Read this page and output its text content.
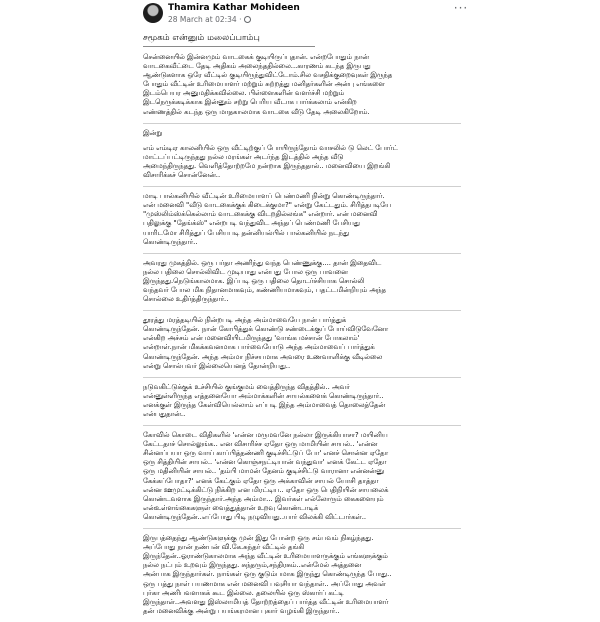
Thamira Kathar Mohideen
28 March at 02:34 ·
···
சமூகம் என்னும் மலைப்பாம்பு

சென்னையில் இன்னமும் வாடகைக் குடியிருப்புதான். என்றபோதும் நான்
வாடகைவீட்டை தேடி அதிகம் அலைந்ததில்லை...காரணம் கடந்த இருபது
ஆண்டுகளாக ஒரே வீட்டில் குடியிருந்துவிட்டோம்.சில வசதிக்குறைவுகள் இருந்த
போதும் வீட்டின் உரிமையாளர் மற்றும் சுற்றத்து மனிதர்களின் அன்பு எங்களை
இடம்பெயர அனுமதிக்கவில்லை. பிள்ளைகளின் வளர்ச்சி மற்றும்
இடநெருக்கடிக்காக இன்னும் சற்று பெரிய வீடாக பார்க்கலாம் என்கிற
எண்ணத்தில் கடந்த ஒரு மாதகாலமாக வாடகை வீடு தேடி அலைகிறோம்.

இன்று

எம் எம்டிஏ காலனியில் ஒரு வீட்டிற்குப் போயிருந்தோம் வாசலில் டு லெட் போர்ட்
மாட்டப்பட்டிருந்தது நல்ல மரங்கள் அடர்ந்த இடத்தில் அந்த வீடு
அமைந்திருந்தது. வெளித்தோற்றமே நன்றாக இருந்ததால்.. மனைவியை இறங்கி
விசாரிக்கச் சொன்னேன்..

மாடி பால்கனியில் வீட்டின் உரிமையாளப் பெண்மணி நின்று கொண்டிருந்தார்.
என் மனைவி "வீடு வாடகைக்குக் கிடைக்குமா?" என்று கேட்டதும். சிரித்தபடியே
"முஸ்லிம்ஸ்க்கெல்லாம் வாடகைக்கு விடறதில்லங்க" என்றார். என் மனைவி
பதிலுக்கு "தேங்க்ஸ்" என்றபடி வந்துவிட அந்தப் பெண்மணி பேசியது
யாரிடமோ சிரித்துப் பேசியபடி தன்னியல்பில் பால்கனியில் நடந்து
கொண்டிருந்தார்..

அவரது முகத்தில். ஒரு பர்தா அணிந்து வந்த பெண்ணுக்கு.... தான் இதைவிட
நல்ல பதிலை சொல்லிவிட முடியாது என்பது போல ஒரு பாவனை
இருந்தது.நெடுங்காலமாக. இப்படி ஒரு பதிலை தொடர்ச்சியாக சொல்லி
வந்தவர் போல மிக நிதானமாகவும், கண்ணியமாகவும், பதட்டமின்றியும் அந்த
சொல்லை உதிர்த்திருந்தார்..

தூரத்து மரத்தடியில் நின்றபடி அந்த அம்மாவையே நான் பார்த்துக்
கொண்டிருந்தேன். நான் கோபித்துக் கொண்டு சண்டைக்குப் போய்விடுவேனோ
என்கிற அச்சம் என் மனைவியிடமிருந்தது 'வாங்க மச்சான் போகலாம்'
என்றாள்.நான் மிகக்கவனமாக பார்வையோடு அந்த அம்மாவைப் பார்த்துக்
கொண்டிருந்தேன். அந்த அம்மா நிச்சயமாக அவரை உணவாளிக்கு வீடில்லை
என்று சொல்பவர் இல்லையெனத் தோன்றியது..

நடுவகிட்டுக்குக் உச்சியில் குங்குமம் வைத்திருந்த விதத்தில்.. அவர்
என்னுள்ளிருந்த எத்தனையோ அம்மாக்களின் சாயல்களைக் கொண்டிருந்தார்..
எனக்குள் இருந்த கேள்வியெல்லாம் எப்படி இந்த அம்மாவைத் தொலைத்தேன்
என்பதுதான்..

கோவில் கொடை விதிகளில் 'என்ன மருமவனே நல்லா இருக்கியாசா? மயினிய
கேட்டதாச் சொல்லுங்க.. என விசாரிச்ச ஏதோ ஒரு மாமியின் சாயல்.. 'என்ன
சின்னப்பயா ஒரு வாய் காப்பித்தண்ணி குடிச்சிட்டுப் போ' எனச் சொன்ன ஏதோ
ஒரு சித்தியின் சாயல்.. 'என்ன கொஞ்சநட்டியான் வந்துவா' எனக் கேட்ட ஏதோ
ஒரு மதினியின் சாயல்.. 'தம்பி மாமன் தேனம் குடிச்சிட்டு வாரானா என்னன்னு
கேக்கப்போதா?' எனக் கேட்கும் ஏதோ ஒரு அக்காவின் சாயல் யோசி தாத்தா
என்ன ஊமுட்டிக்கிட்டு நிக்கிற என மிரட்டிய.. ஏதோ ஒரு பெதிநியின் சாயலைக்
கொண்டவளாக இருந்தார்.அந்த அம்மா... இவர்கள் எல்லோரும் கைகளையும்
என்உள்ளங்கைகளுள் வைத்துத்தான் உறவு கொண்டாடிக்
கொண்டிருந்தேன்..எப்போது பிடி நழுவியது..யார் விலக்கி விட்டார்கள்..

இருபத்தைந்து ஆண்டுகளுக்கு முன் இது போன்ற ஒரு சம்பவம் நிகழ்ந்தது.
அப்போது நான் நண்பன் வி.கே.சுந்தர் வீட்டில் தங்கி
இருந்தேன்..ஓராண்டுகாலமாக அந்த வீட்டின் உரிமையாளருக்கும் எங்களுக்கும்
நல்ல நட்பும் உறவும் இருந்தது. சுந்தரும்,சந்திரசும்..என்மேல் அத்தனை
அன்பாக இருந்தார்கள். நாங்கள் ஒரு குடும்பமாக இருந்து கொண்டிருந்த போது..
ஒரு பத்து நாள் பயணமாக என் மனைவி பவுசியா வந்தாள்.. அப்போது அவள்
புர்கா அணிபவளாகக் கூட இல்லை. தலையில் ஒரு ஸ்கார்ப் கட்டி
இருந்தாள்..அவளது இஸ்லாமியத் தோற்றத்தைப் பார்த்த வீட்டின் உரிமையாளர்
தன் மனைவிக்கு அன்று பயங்கரமான புகார் வழங்கி இருந்தார்..
